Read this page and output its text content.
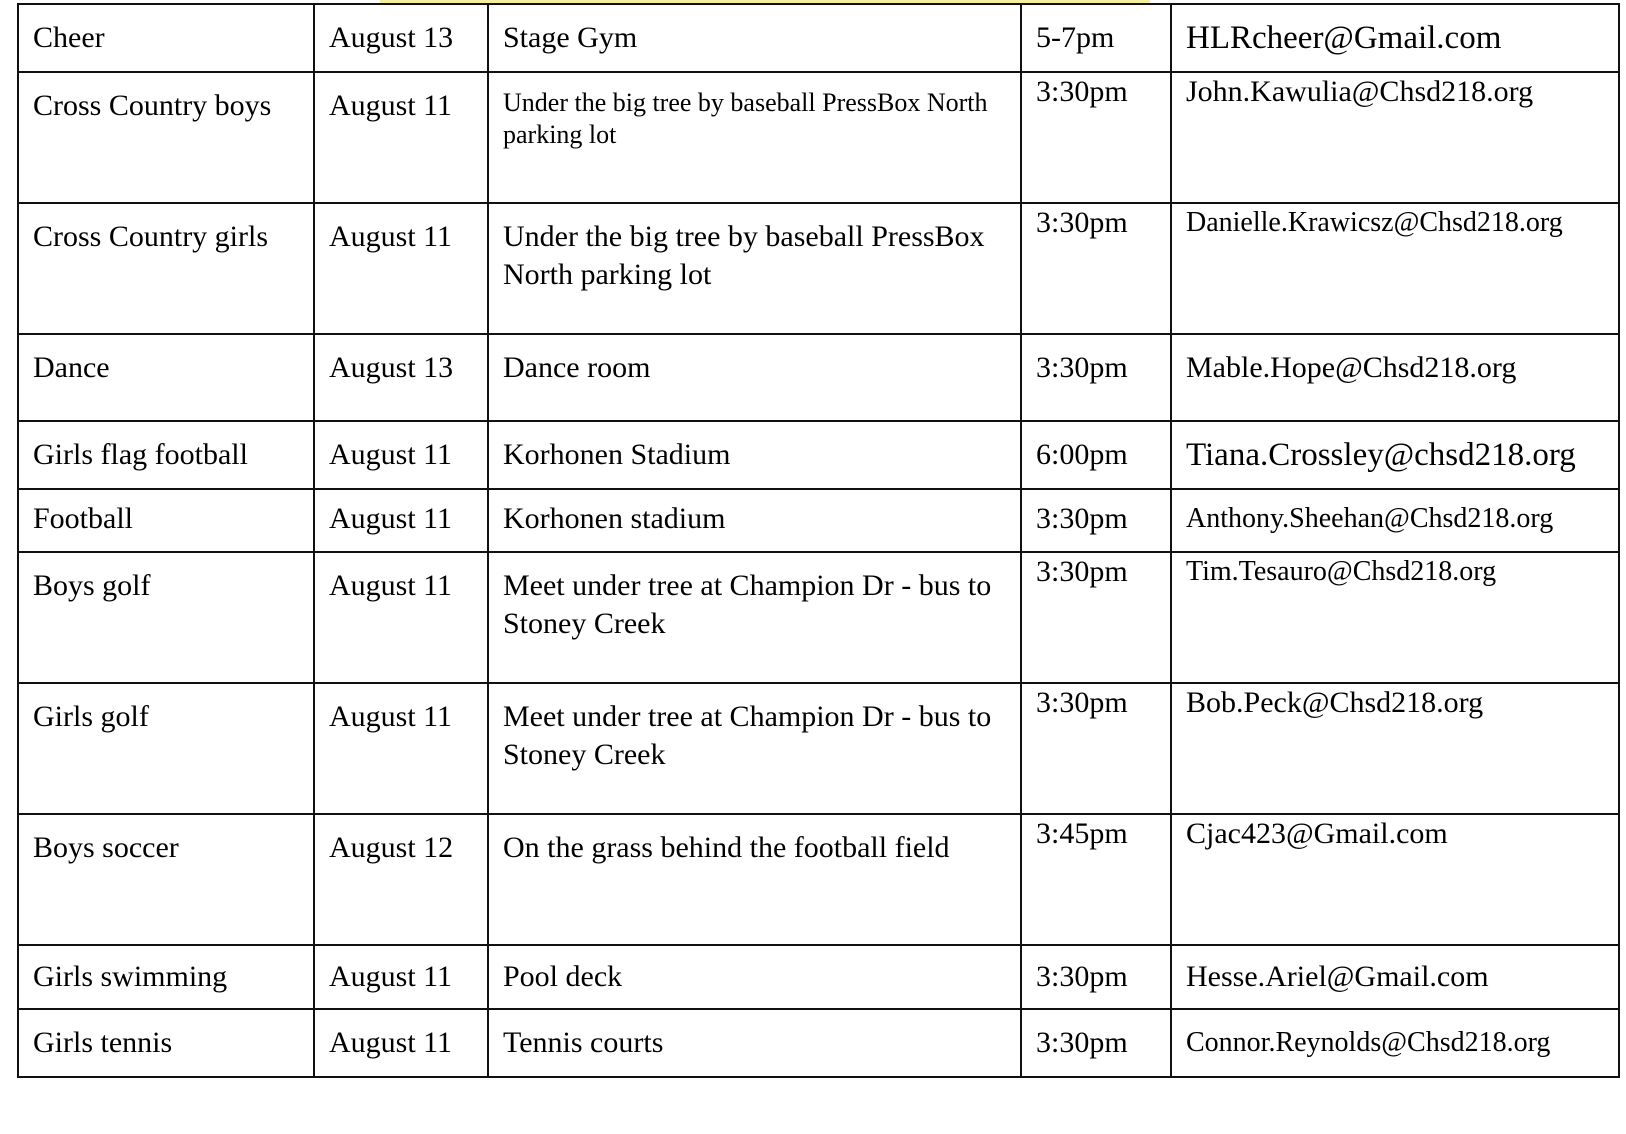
Cheer	August 13	Stage Gym	5-7pm	HLRcheer@Gmail.com

Cross Country boys	August 11	Under the big tree by baseball PressBox North parking lot	3:30pm	John.Kawulia@Chsd218.org

Cross Country girls	August 11	Under the big tree by baseball PressBox North parking lot	3:30pm	Danielle.Krawicsz@Chsd218.org

Dance	August 13	Dance room	3:30pm	Mable.Hope@Chsd218.org

Girls flag football	August 11	Korhonen Stadium	6:00pm	Tiana.Crossley@chsd218.org

Football	August 11	Korhonen stadium	3:30pm	Anthony.Sheehan@Chsd218.org

Boys golf	August 11	Meet under tree at Champion Dr - bus to Stoney Creek	3:30pm	Tim.Tesauro@Chsd218.org

Girls golf	August 11	Meet under tree at Champion Dr - bus to Stoney Creek	3:30pm	Bob.Peck@Chsd218.org

Boys soccer	August 12	On the grass behind the football field	3:45pm	Cjac423@Gmail.com

Girls swimming	August 11	Pool deck	3:30pm	Hesse.Ariel@Gmail.com

Girls tennis	August 11	Tennis courts	3:30pm	Connor.Reynolds@Chsd218.org
